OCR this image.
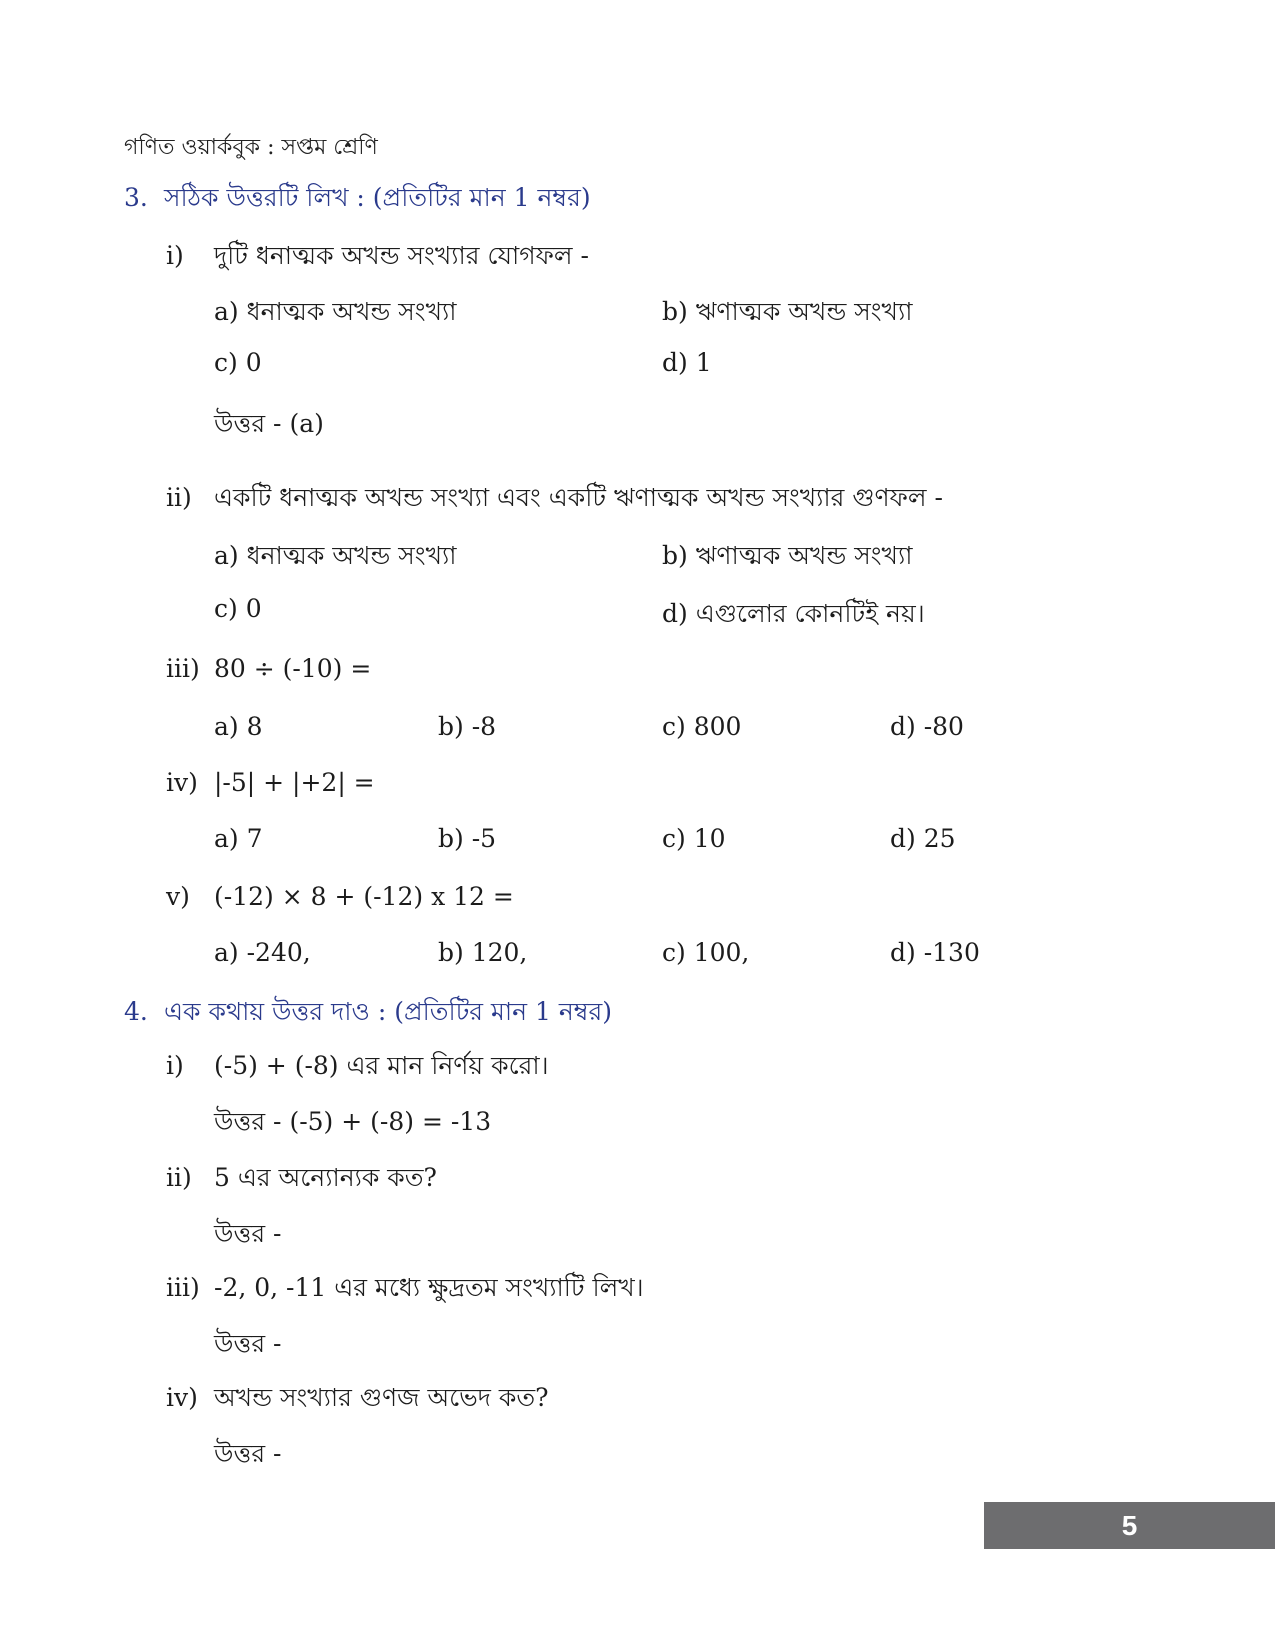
গণিত ওয়ার্কবুক : সপ্তম শ্রেণি
3. সঠিক উত্তরটি লিখ : (প্রতিটির মান 1 নম্বর)
i) দুটি ধনাত্মক অখন্ড সংখ্যার যোগফল -
a) ধনাত্মক অখন্ড সংখ্যা	b) ঋণাত্মক অখন্ড সংখ্যা
c) 0	d) 1
উত্তর - (a)
ii) একটি ধনাত্মক অখন্ড সংখ্যা এবং একটি ঋণাত্মক অখন্ড সংখ্যার গুণফল -
a) ধনাত্মক অখন্ড সংখ্যা	b) ঋণাত্মক অখন্ড সংখ্যা
c) 0	d) এগুলোর কোনটিই নয়।
iii) 80 ÷ (-10) =
a) 8	b) -8	c) 800	d) -80
iv) |-5| + |+2| =
a) 7	b) -5	c) 10	d) 25
v) (-12) × 8 + (-12) x 12 =
a) -240,	b) 120,	c) 100,	d) -130
4. এক কথায় উত্তর দাও : (প্রতিটির মান 1 নম্বর)
i) (-5) + (-8) এর মান নির্ণয় করো।
উত্তর - (-5) + (-8) = -13
ii) 5 এর অন্যোন্যক কত?
উত্তর -
iii) -2, 0, -11 এর মধ্যে ক্ষুদ্রতম সংখ্যাটি লিখ।
উত্তর -
iv) অখন্ড সংখ্যার গুণজ অভেদ কত?
উত্তর -
5
